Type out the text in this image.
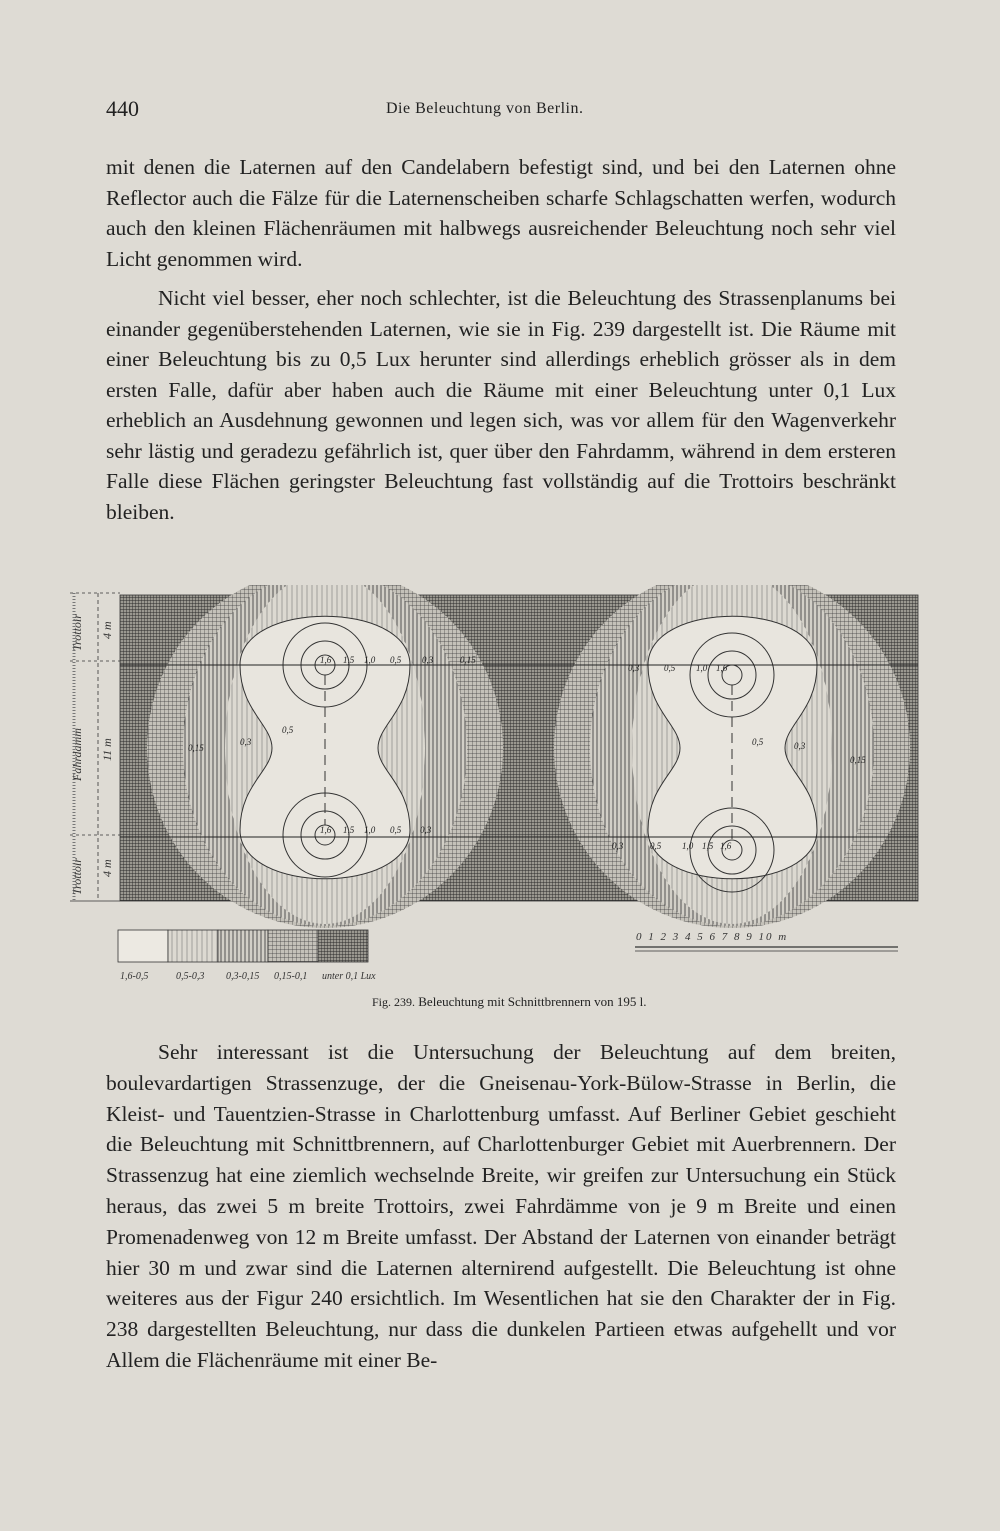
440	Die Beleuchtung von Berlin.

mit denen die Laternen auf den Candelabern befestigt sind, und bei den Laternen ohne Reflector auch die Fälze für die Laternenscheiben scharfe Schlagschatten werfen, wodurch auch den kleinen Flächenräumen mit halbwegs ausreichender Beleuchtung noch sehr viel Licht genommen wird.

Nicht viel besser, eher noch schlechter, ist die Beleuchtung des Strassenplanums bei einander gegenüberstehenden Laternen, wie sie in Fig. 239 dargestellt ist. Die Räume mit einer Beleuchtung bis zu 0,5 Lux herunter sind allerdings erheblich grösser als in dem ersten Falle, dafür aber haben auch die Räume mit einer Beleuchtung unter 0,1 Lux erheblich an Ausdehnung gewonnen und legen sich, was vor allem für den Wagenverkehr sehr lästig und geradezu gefährlich ist, quer über den Fahrdamm, während in dem ersteren Falle diese Flächen geringster Beleuchtung fast vollständig auf die Trottoirs beschränkt bleiben.

Trottoir
Fahrdamm
Trottoir
4 m
11 m
4 m
1,6 1,5 1,0 0,5 0,3	0,15
1,6 1,5 1,0 0,5 0,3
0,3	0,5 1,0 1,6
0,3	0,5 1,0 1,5 1,6
0,15
0,3
0,5
0,5	0,3
0,15
1,6-0,5	0,5-0,3 0,3-0,15 0,15-0,1 unter 0,1 Lux
0 1 2 3 4 5 6 7 8 9 10 m
Fig. 239. Beleuchtung mit Schnittbrennern von 195 l.

Sehr interessant ist die Untersuchung der Beleuchtung auf dem breiten, boulevardartigen Strassenzuge, der die Gneisenau-York-Bülow-Strasse in Berlin, die Kleist- und Tauentzien-Strasse in Charlottenburg umfasst. Auf Berliner Gebiet geschieht die Beleuchtung mit Schnittbrennern, auf Charlottenburger Gebiet mit Auerbrennern. Der Strassenzug hat eine ziemlich wechselnde Breite, wir greifen zur Untersuchung ein Stück heraus, das zwei 5 m breite Trottoirs, zwei Fahrdämme von je 9 m Breite und einen Promenadenweg von 12 m Breite umfasst. Der Abstand der Laternen von einander beträgt hier 30 m und zwar sind die Laternen alternirend aufgestellt. Die Beleuchtung ist ohne weiteres aus der Figur 240 ersichtlich. Im Wesentlichen hat sie den Charakter der in Fig. 238 dargestellten Beleuchtung, nur dass die dunkelen Partieen etwas aufgehellt und vor Allem die Flächenräume mit einer Be-
